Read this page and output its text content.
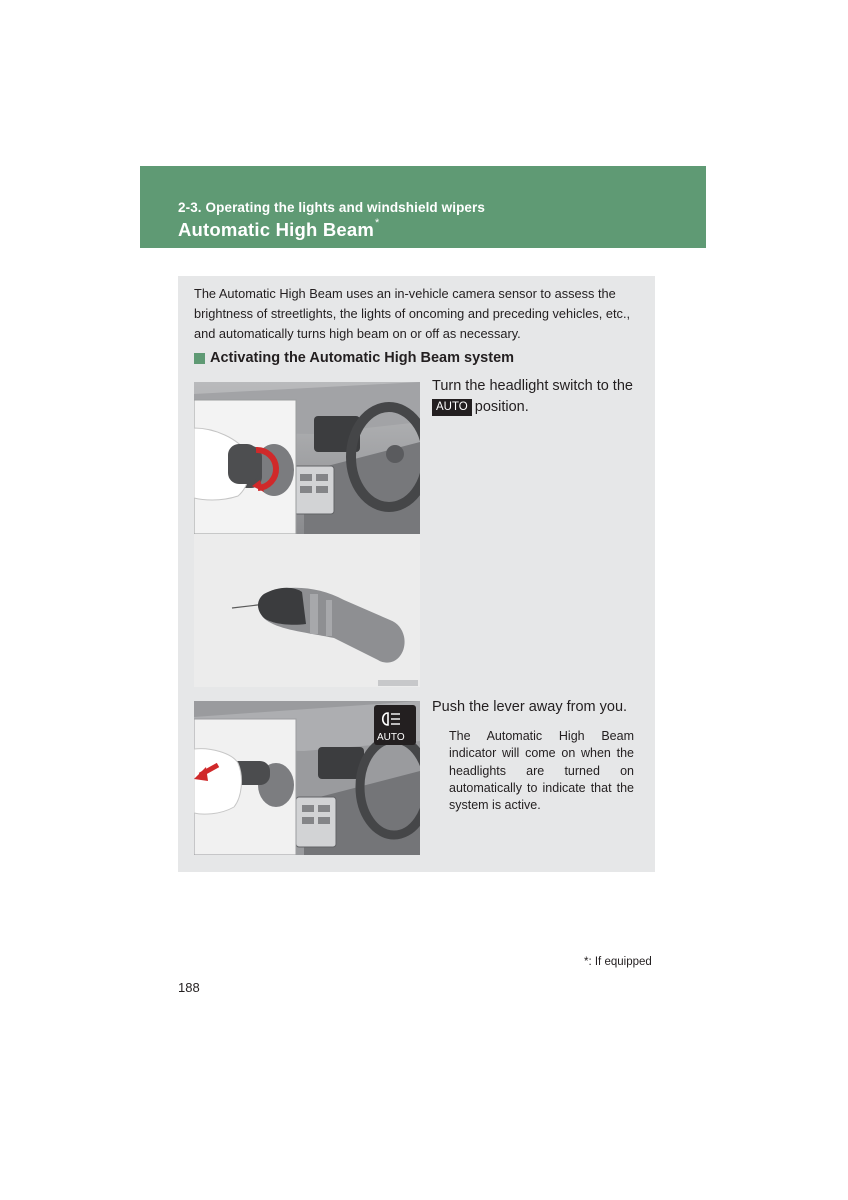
2-3. Operating the lights and windshield wipers
Automatic High Beam*
The Automatic High Beam uses an in-vehicle camera sensor to assess the brightness of streetlights, the lights of oncoming and preceding vehicles, etc., and automatically turns high beam on or off as necessary.
Activating the Automatic High Beam system
Turn the headlight switch to the AUTO position.
AUTO
Push the lever away from you.
The Automatic High Beam indicator will come on when the headlights are turned on automatically to indicate that the system is active.
*: If equipped
188
